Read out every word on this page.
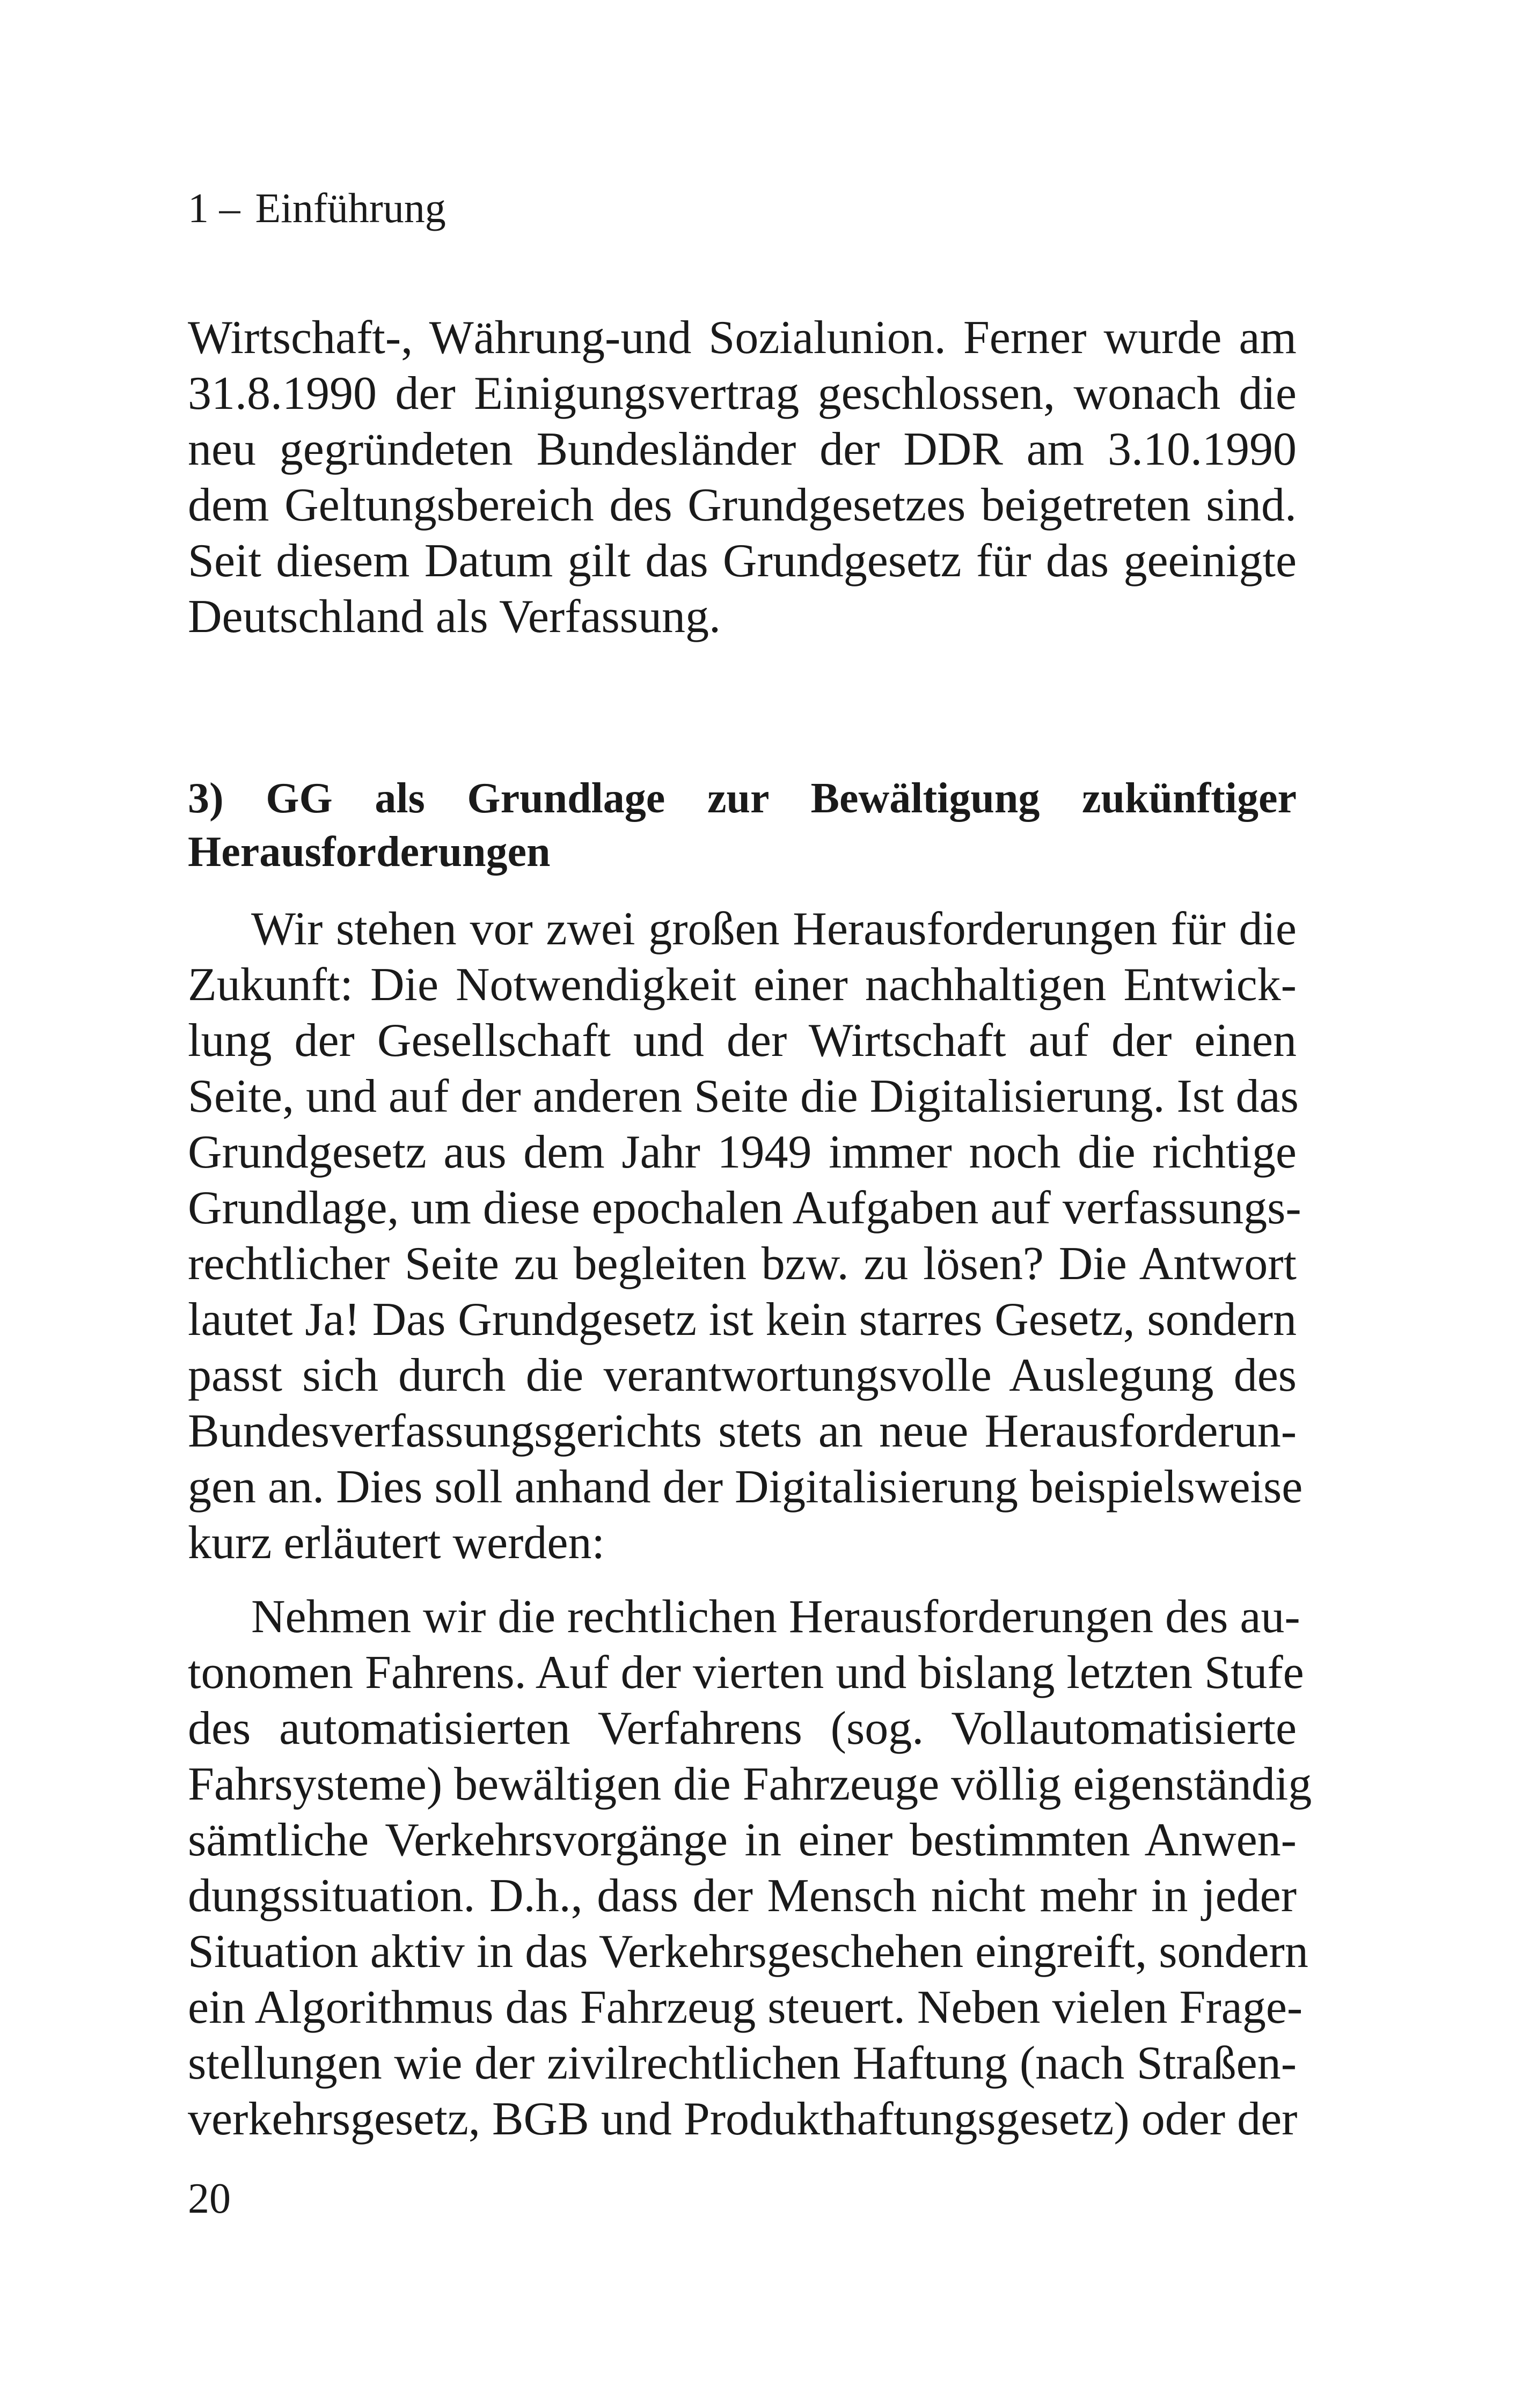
1 – Einführung
Wirtschaft-, Währung-und Sozialunion. Ferner wurde am
31.8.1990 der Einigungsvertrag geschlossen, wonach die
neu gegründeten Bundesländer der DDR am 3.10.1990
dem Geltungsbereich des Grundgesetzes beigetreten sind.
Seit diesem Datum gilt das Grundgesetz für das geeinigte
Deutschland als Verfassung.
3) GG als Grundlage zur Bewältigung zukünftiger
Herausforderungen
Wir stehen vor zwei großen Herausforderungen für die
Zukunft: Die Notwendigkeit einer nachhaltigen Entwick-
lung der Gesellschaft und der Wirtschaft auf der einen
Seite, und auf der anderen Seite die Digitalisierung. Ist das
Grundgesetz aus dem Jahr 1949 immer noch die richtige
Grundlage, um diese epochalen Aufgaben auf verfassungs-
rechtlicher Seite zu begleiten bzw. zu lösen? Die Antwort
lautet Ja! Das Grundgesetz ist kein starres Gesetz, sondern
passt sich durch die verantwortungsvolle Auslegung des
Bundesverfassungsgerichts stets an neue Herausforderun-
gen an. Dies soll anhand der Digitalisierung beispielsweise
kurz erläutert werden:
Nehmen wir die rechtlichen Herausforderungen des au-
tonomen Fahrens. Auf der vierten und bislang letzten Stufe
des automatisierten Verfahrens (sog. Vollautomatisierte
Fahrsysteme) bewältigen die Fahrzeuge völlig eigenständig
sämtliche Verkehrsvorgänge in einer bestimmten Anwen-
dungssituation. D.h., dass der Mensch nicht mehr in jeder
Situation aktiv in das Verkehrsgeschehen eingreift, sondern
ein Algorithmus das Fahrzeug steuert. Neben vielen Frage-
stellungen wie der zivilrechtlichen Haftung (nach Straßen-
verkehrsgesetz, BGB und Produkthaftungsgesetz) oder der
20
